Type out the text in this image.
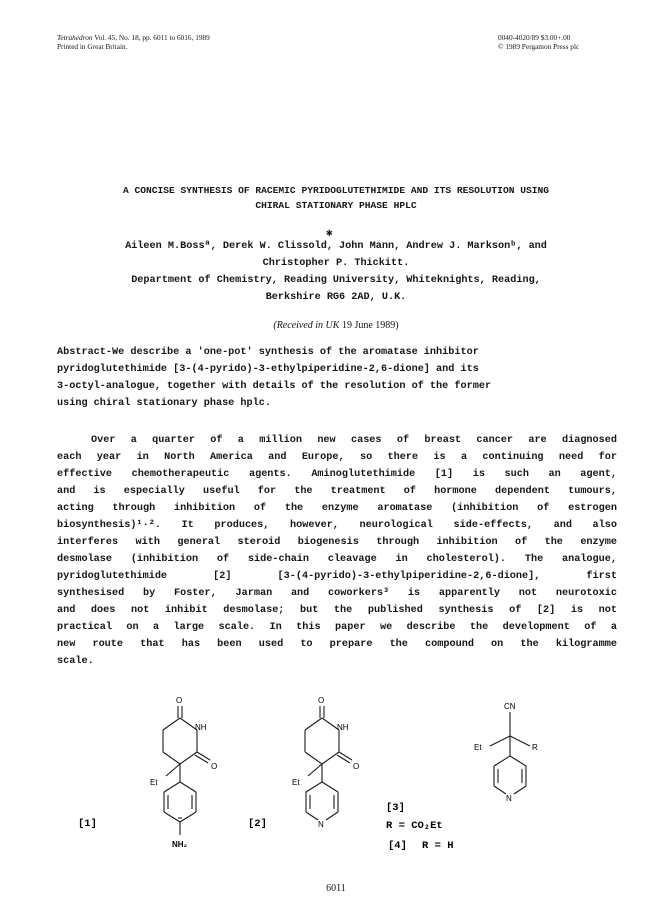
Tetrahedron Vol. 45, No. 18, pp. 6011 to 6016, 1989
Printed in Great Britain.
0040-4020/89 $3.00+.00
© 1989 Pergamon Press plc
A CONCISE SYNTHESIS OF RACEMIC PYRIDOGLUTETHIMIDE AND ITS RESOLUTION USING
CHIRAL STATIONARY PHASE HPLC
Aileen M.Bossª, Derek W. Clissold, John Mann, Andrew J. Marksonᵇ, and
Christopher P. Thickitt.
✱
Department of Chemistry, Reading University, Whiteknights, Reading,
Berkshire RG6 2AD, U.K.
(Received in UK 19 June 1989)
Abstract-We describe a 'one-pot' synthesis of the aromatase inhibitor
pyridoglutethimide [3-(4-pyrido)-3-ethylpiperidine-2,6-dione] and its
3-octyl-analogue, together with details of the resolution of the former
using chiral stationary phase hplc.
Over a quarter of a million new cases of breast cancer are diagnosed
each year in North America and Europe, so there is a continuing need for
effective chemotherapeutic agents. Aminoglutethimide [1] is such an agent,
and is especially useful for the treatment of hormone dependent tumours,
acting through inhibition of the enzyme aromatase (inhibition of estrogen
biosynthesis)¹·². It produces, however, neurological side-effects, and also
interferes with general steroid biogenesis through inhibition of the enzyme
desmolase (inhibition of side-chain cleavage in cholesterol). The analogue,
pyridoglutethimide [2] [3-(4-pyrido)-3-ethylpiperidine-2,6-dione], first
synthesised by Foster, Jarman and coworkers³ is apparently not neurotoxic
and does not inhibit desmolase; but the published synthesis of [2] is not
practical on a large scale. In this paper we describe the development of a
new route that has been used to prepare the compound on the kilogramme
scale.
O
NH
O
Et
NH₂
[1]
O
NH
O
Et
N
[2]
CN
Et	R
N
[3]
R = CO₂Et
[4] R = H
6011
